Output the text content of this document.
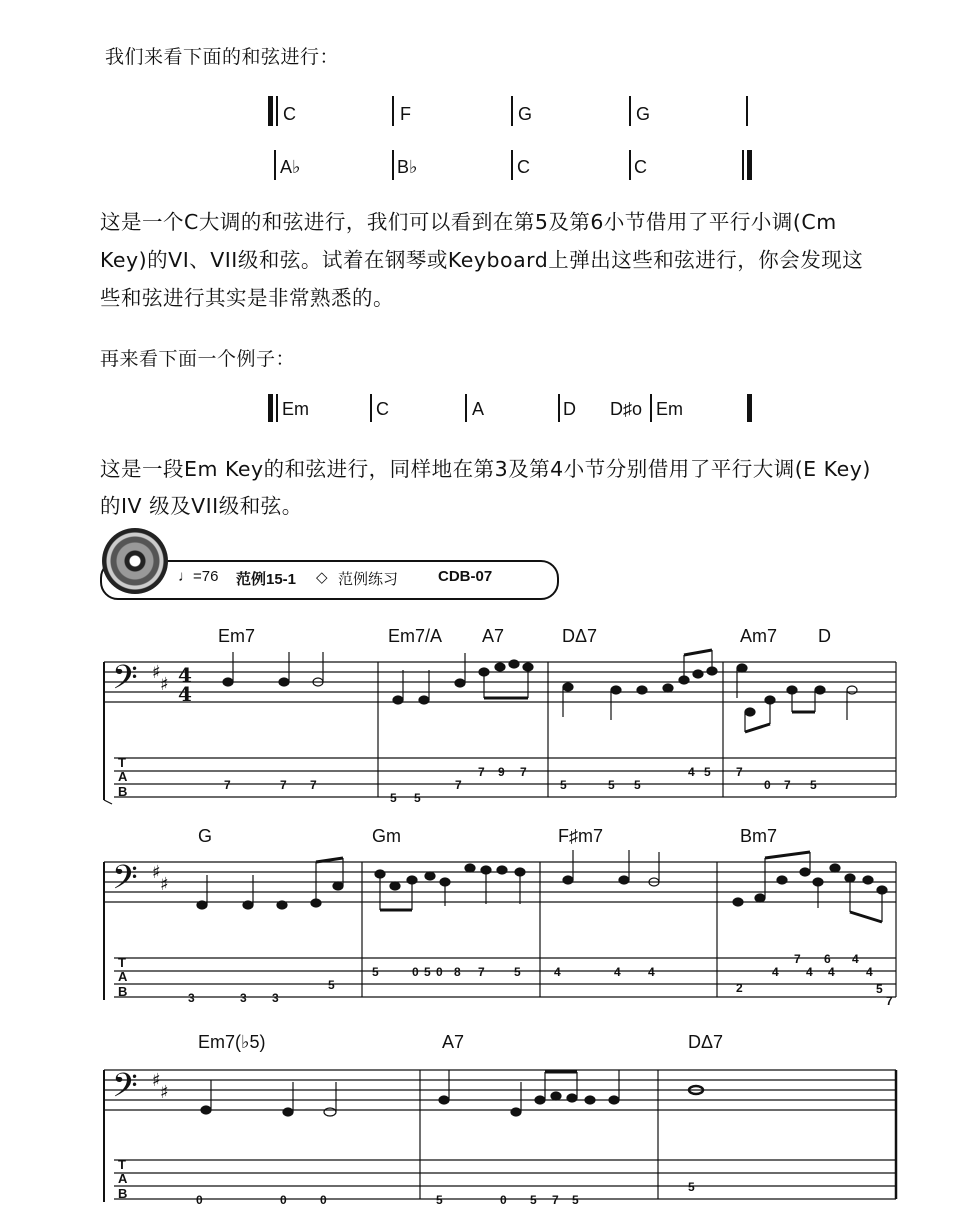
我们来看下面的和弦进行：
C	F	G	G
A♭	B♭	C	C
这是一个C大调的和弦进行，我们可以看到在第5及第6小节借用了平行小调(Cm
Key)的VI、VII级和弦。试着在钢琴或Keyboard上弹出这些和弦进行，你会发现这
些和弦进行其实是非常熟悉的。
再来看下面一个例子：
Em	C	A	D D♯o Em
这是一段Em Key的和弦进行，同样地在第3及第4小节分别借用了平行大调(E Key)
的IV 级及VII级和弦。
♩=76 范例15-1 ◇ 范例练习	CDB-07
𝄢 ♯
♯ 4
4
𝄢 ♯
♯
𝄢 ♯
♯
T
A
B
T
A
B
T
A
B
Em7	Em7/A A7	DΔ7	Am7 D
G	Gm	F♯m7	Bm7
Em7(♭5)	A7	DΔ7
7	7 7
5 5
7
7 9 7
5	5 5
4 5 7
0 7 5
3	3 3
5
5	0 5 0 8 7 5	4	4 4
2
4
7
4
6
4
4
4
5
7
0	0	0	5	0 5 7 5
5
